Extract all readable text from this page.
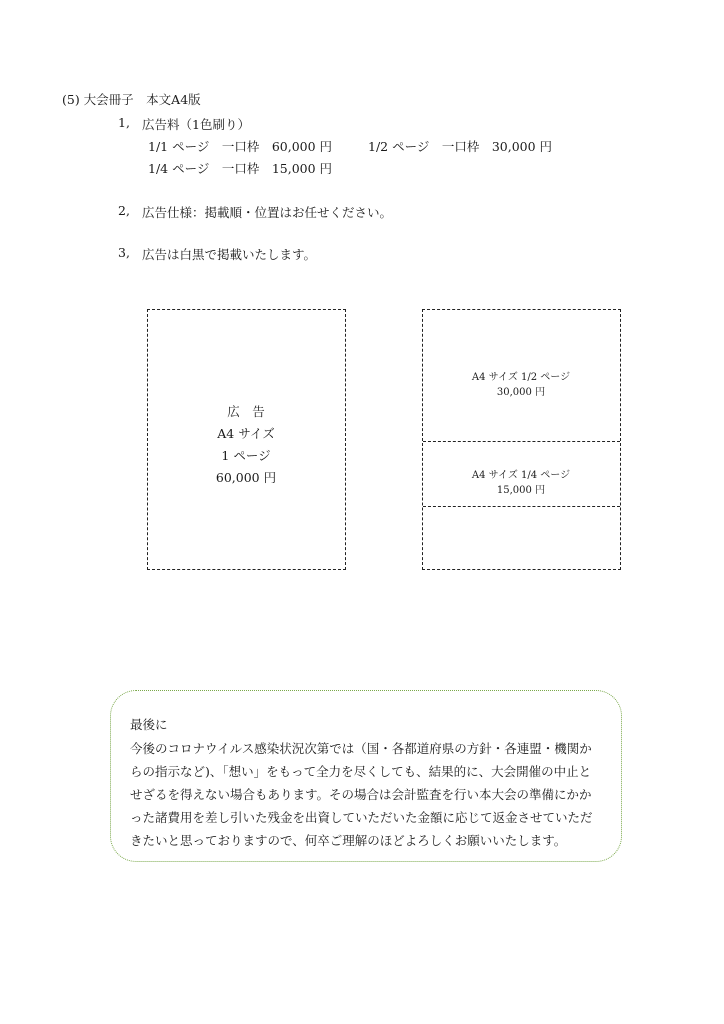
(5) 大会冊子　本文A4版
1, 広告料（1色刷り）
1/1 ページ　一口枠　60,000 円	1/2 ページ　一口枠　30,000 円
1/4 ページ　一口枠　15,000 円
2, 広告仕様：掲載順・位置はお任せください。
3, 広告は白黒で掲載いたします。
広　告
A4 サイズ
1 ページ
60,000 円
A4 サイズ 1/2 ページ
30,000 円
A4 サイズ 1/4 ページ
15,000 円
最後に
今後のコロナウイルス感染状況次第では（国・各都道府県の方針・各連盟・機関か
らの指示など)、「想い」をもって全力を尽くしても、結果的に、大会開催の中止と
せざるを得えない場合もあります。その場合は会計監査を行い本大会の準備にかか
った諸費用を差し引いた残金を出資していただいた金額に応じて返金させていただ
きたいと思っておりますので、何卒ご理解のほどよろしくお願いいたします。
